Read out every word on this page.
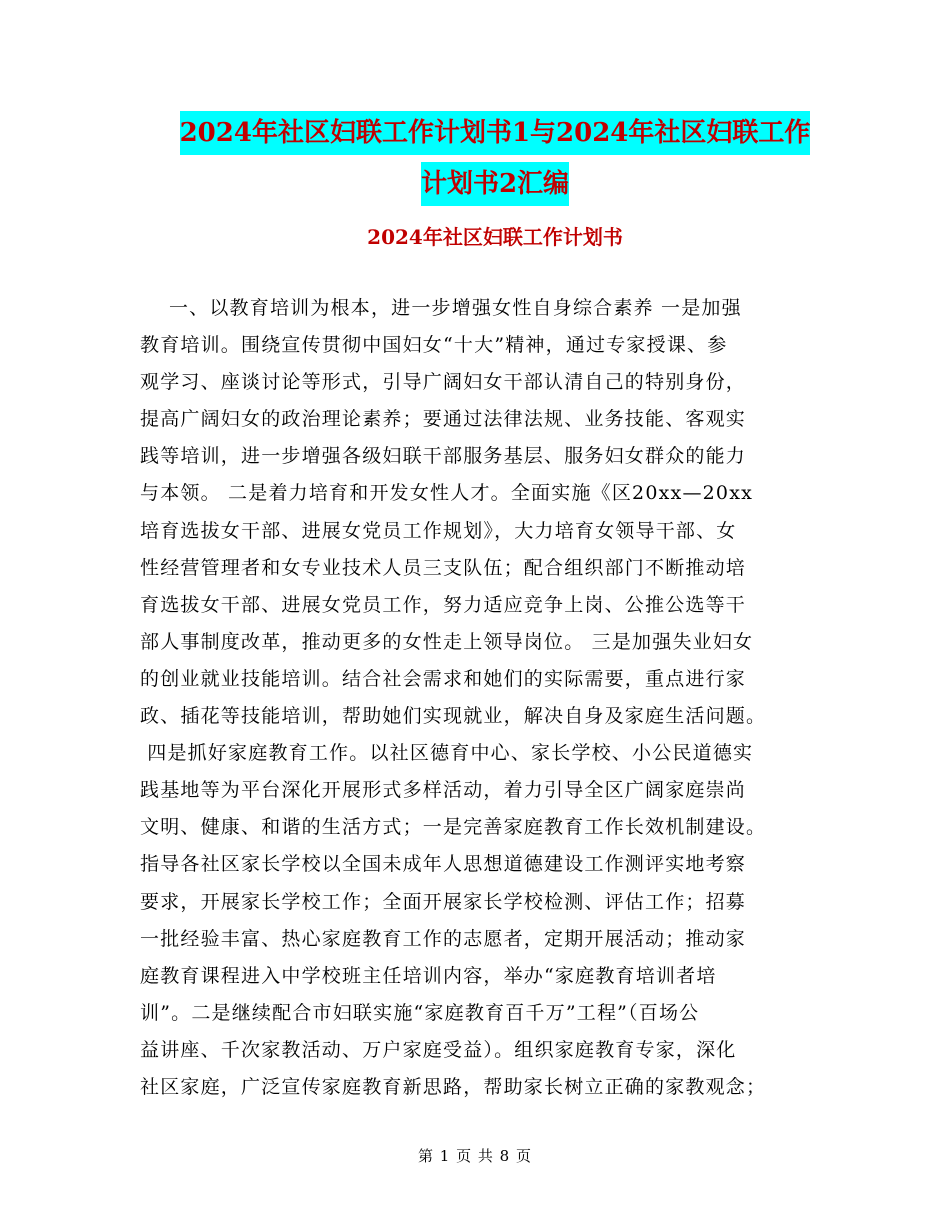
2024年社区妇联工作计划书1与2024年社区妇联工作
计划书2汇编
2024年社区妇联工作计划书
一、以教育培训为根本，进一步增强女性自身综合素养 一是加强
教育培训。围绕宣传贯彻中国妇女“十大”精神，通过专家授课、参
观学习、座谈讨论等形式，引导广阔妇女干部认清自己的特别身份，
提高广阔妇女的政治理论素养；要通过法律法规、业务技能、客观实
践等培训，进一步增强各级妇联干部服务基层、服务妇女群众的能力
与本领。 二是着力培育和开发女性人才。全面实施《区20xx—20xx
培育选拔女干部、进展女党员工作规划》，大力培育女领导干部、女
性经营管理者和女专业技术人员三支队伍；配合组织部门不断推动培
育选拔女干部、进展女党员工作，努力适应竞争上岗、公推公选等干
部人事制度改革，推动更多的女性走上领导岗位。 三是加强失业妇女
的创业就业技能培训。结合社会需求和她们的实际需要，重点进行家
政、插花等技能培训，帮助她们实现就业，解决自身及家庭生活问题。
四是抓好家庭教育工作。以社区德育中心、家长学校、小公民道德实
践基地等为平台深化开展形式多样活动，着力引导全区广阔家庭崇尚
文明、健康、和谐的生活方式；一是完善家庭教育工作长效机制建设。
指导各社区家长学校以全国未成年人思想道德建设工作测评实地考察
要求，开展家长学校工作；全面开展家长学校检测、评估工作；招募
一批经验丰富、热心家庭教育工作的志愿者，定期开展活动；推动家
庭教育课程进入中学校班主任培训内容，举办“家庭教育培训者培
训”。二是继续配合市妇联实施“家庭教育百千万”工程”（百场公
益讲座、千次家教活动、万户家庭受益）。组织家庭教育专家，深化
社区家庭，广泛宣传家庭教育新思路，帮助家长树立正确的家教观念；
第 1 页 共 8 页
